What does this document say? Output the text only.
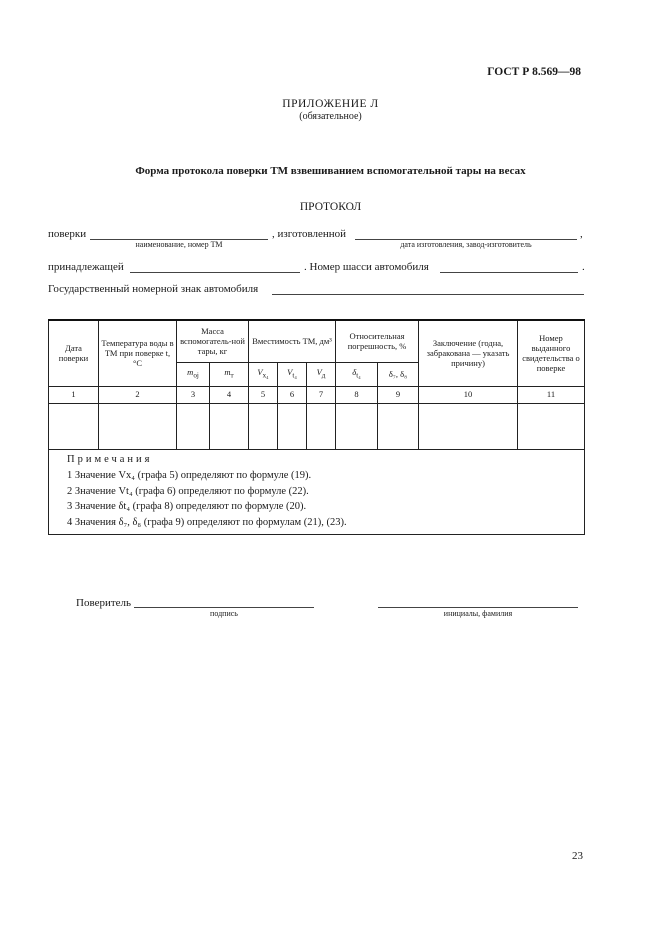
ГОСТ Р 8.569—98
ПРИЛОЖЕНИЕ Л
(обязательное)
Форма протокола поверки ТМ взвешиванием вспомогательной тары на весах
ПРОТОКОЛ
поверки	, изготовленной	,
наименование, номер ТМ	дата изготовления, завод-изготовитель
принадлежащей	. Номер шасси автомобиля	.
Государственный номерной знак автомобиля
Дата поверки	Температура воды в ТМ при поверке t, °С	Масса вспомогатель-ной тары, кг		Вместимость ТМ, дм³			Относительная погрешность, %		Заключение (годна, забракована — указать причину)	Номер выданного свидетельства о поверке
		$m_{oj}$	$m_т$	$V_{x_4}$	$V_{t_4}$	$V_д$	$\delta_{t_4}$	δ₇, δ₈		
1	2	3	4	5	6	7	8	9	10	11

Примечания
1 Значение Vx₄ (графа 5) определяют по формуле (19).
2 Значение Vt₄ (графа 6) определяют по формуле (22).
3 Значение δt₄ (графа 8) определяют по формуле (20).
4 Значения δ₇, δ₈ (графа 9) определяют по формулам (21), (23).										
Поверитель
подпись	инициалы, фамилия
23
